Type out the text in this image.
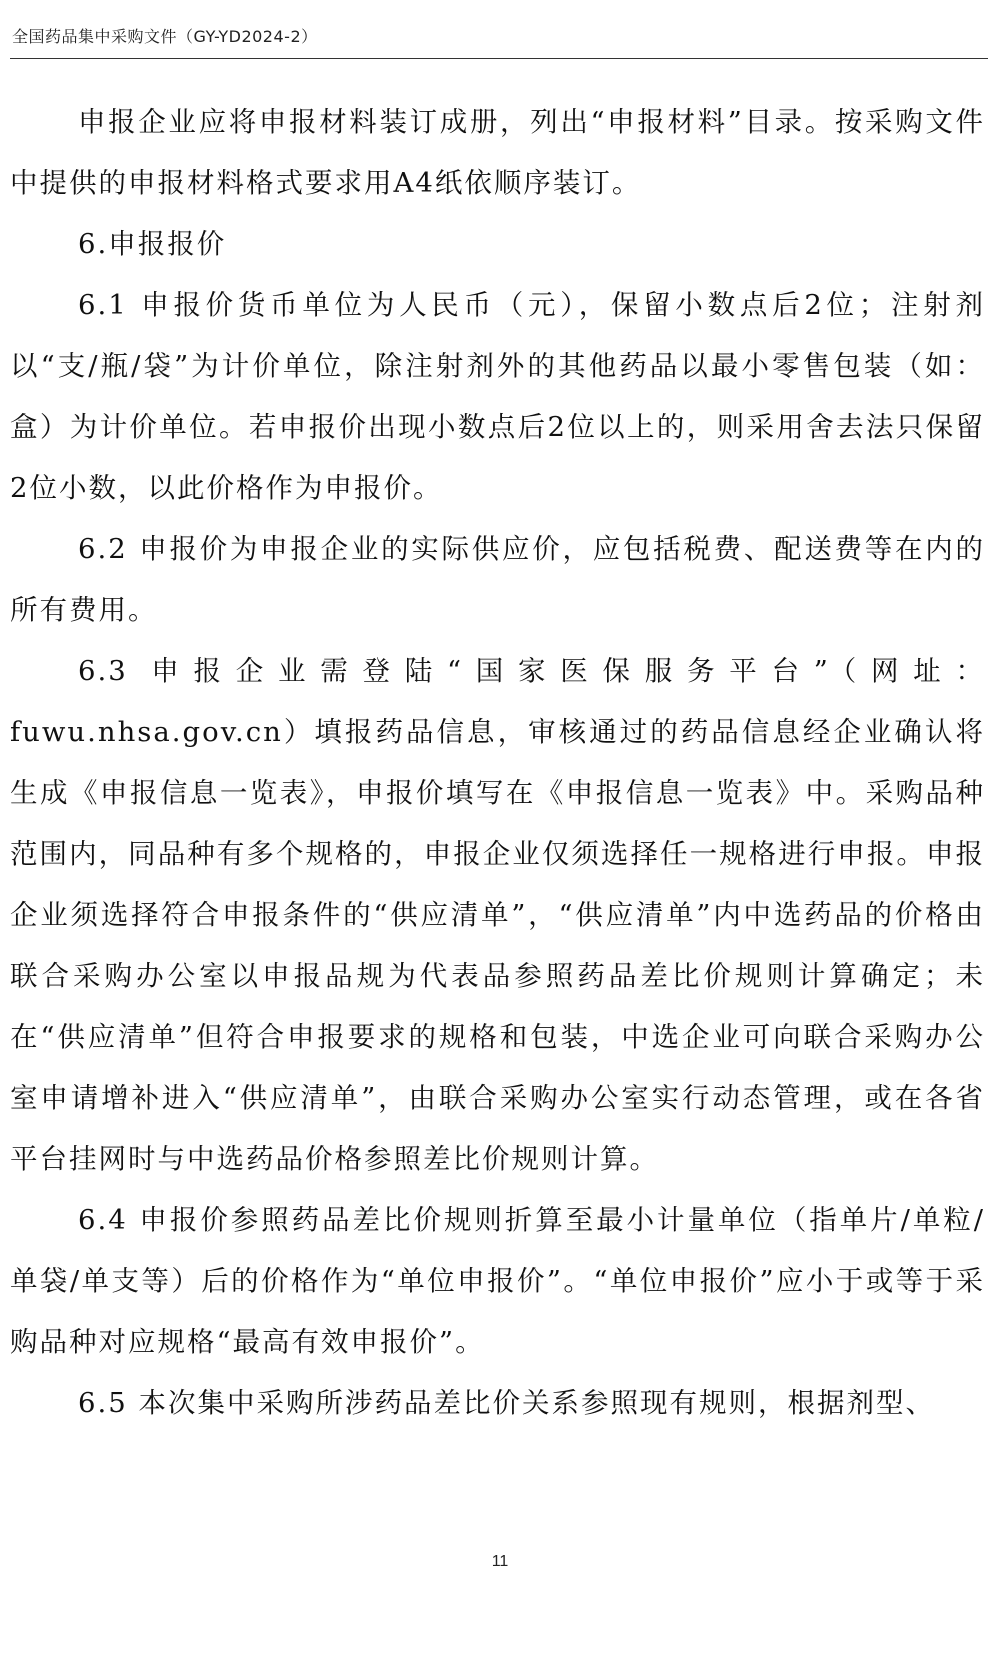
全国药品集中采购文件（GY-YD2024-2）

申报企业应将申报材料装订成册，列出“申报材料”目录。按采购文件中提供的申报材料格式要求用A4纸依顺序装订。

6.申报报价

6.1 申报价货币单位为人民币（元），保留小数点后2位；注射剂以“支/瓶/袋”为计价单位，除注射剂外的其他药品以最小零售包装（如：盒）为计价单位。若申报价出现小数点后2位以上的，则采用舍去法只保留2位小数，以此价格作为申报价。

6.2 申报价为申报企业的实际供应价，应包括税费、配送费等在内的所有费用。

6.3 申报企业需登陆“国家医保服务平台”（网址：fuwu.nhsa.gov.cn）填报药品信息，审核通过的药品信息经企业确认将生成《申报信息一览表》，申报价填写在《申报信息一览表》中。采购品种范围内，同品种有多个规格的，申报企业仅须选择任一规格进行申报。申报企业须选择符合申报条件的“供应清单”，“供应清单”内中选药品的价格由联合采购办公室以申报品规为代表品参照药品差比价规则计算确定；未在“供应清单”但符合申报要求的规格和包装，中选企业可向联合采购办公室申请增补进入“供应清单”，由联合采购办公室实行动态管理，或在各省平台挂网时与中选药品价格参照差比价规则计算。

6.4 申报价参照药品差比价规则折算至最小计量单位（指单片/单粒/单袋/单支等）后的价格作为“单位申报价”。“单位申报价”应小于或等于采购品种对应规格“最高有效申报价”。

6.5 本次集中采购所涉药品差比价关系参照现有规则，根据剂型、

11
